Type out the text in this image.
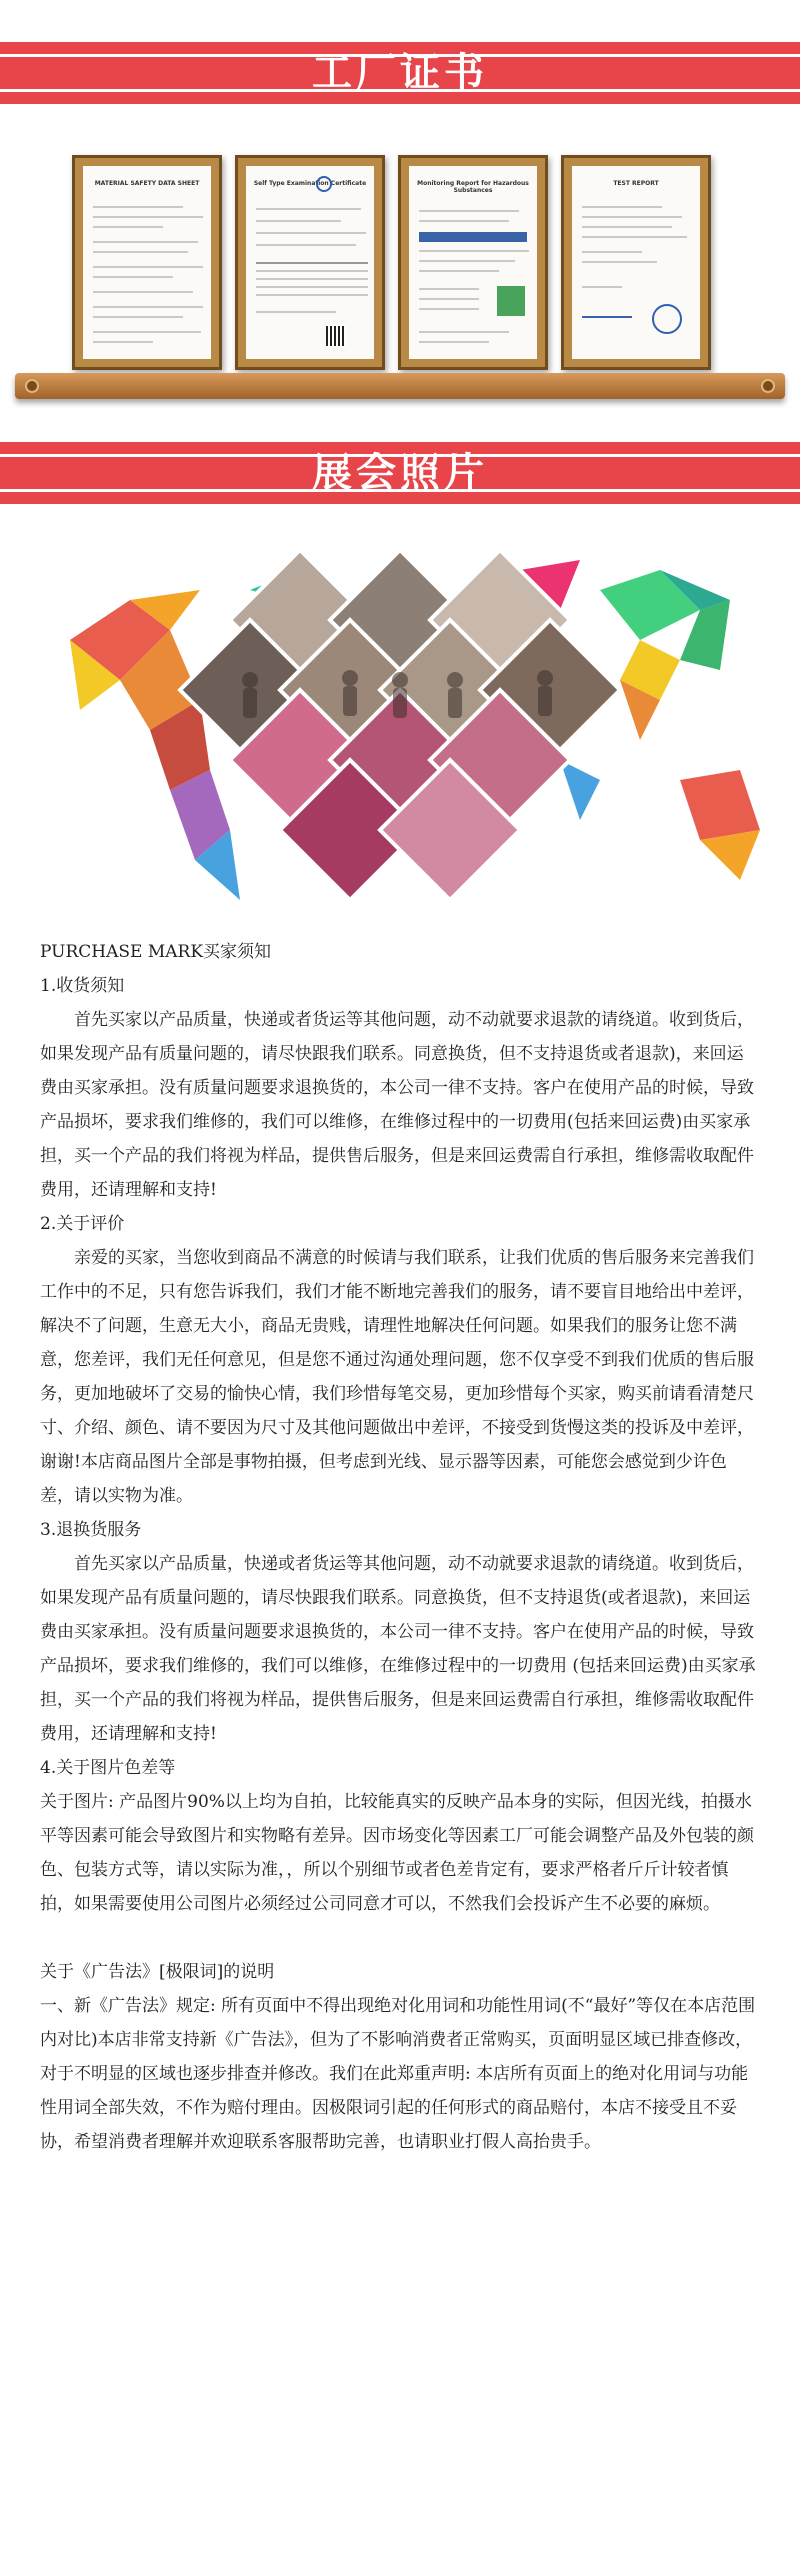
工厂证书
MATERIAL SAFETY DATA SHEET	Self Type Examination Certificate	Monitoring Report for Hazardous Substances
TEST REPORT
展会照片

PURCHASE MARK买家须知

1.收货须知

首先买家以产品质量，快递或者货运等其他问题，动不动就要求退款的请绕道。收到货后，如果发现产品有质量问题的，请尽快跟我们联系。同意换货，但不支持退货或者退款)，来回运费由买家承担。没有质量问题要求退换货的，本公司一律不支持。客户在使用产品的时候，导致产品损坏，要求我们维修的，我们可以维修，在维修过程中的一切费用(包括来回运费)由买家承担，买一个产品的我们将视为样品，提供售后服务，但是来回运费需自行承担，维修需收取配件费用，还请理解和支持!

2.关于评价

亲爱的买家，当您收到商品不满意的时候请与我们联系，让我们优质的售后服务来完善我们工作中的不足，只有您告诉我们，我们才能不断地完善我们的服务，请不要盲目地给出中差评，解决不了问题，生意无大小，商品无贵贱，请理性地解决任何问题。如果我们的服务让您不满意，您差评，我们无任何意见，但是您不通过沟通处理问题，您不仅享受不到我们优质的售后服务，更加地破坏了交易的愉快心情，我们珍惜每笔交易，更加珍惜每个买家，购买前请看清楚尺寸、介绍、颜色、请不要因为尺寸及其他问题做出中差评，不接受到货慢这类的投诉及中差评，谢谢!本店商品图片全部是事物拍摄，但考虑到光线、显示器等因素，可能您会感觉到少许色差，请以实物为准。

3.退换货服务

首先买家以产品质量，快递或者货运等其他问题，动不动就要求退款的请绕道。收到货后，如果发现产品有质量问题的，请尽快跟我们联系。同意换货，但不支持退货(或者退款)，来回运费由买家承担。没有质量问题要求退换货的，本公司一律不支持。客户在使用产品的时候，导致产品损坏，要求我们维修的，我们可以维修，在维修过程中的一切费用 (包括来回运费)由买家承担，买一个产品的我们将视为样品，提供售后服务，但是来回运费需自行承担，维修需收取配件费用，还请理解和支持!

4.关于图片色差等

关于图片: 产品图片90%以上均为自拍，比较能真实的反映产品本身的实际，但因光线，拍摄水平等因素可能会导致图片和实物略有差异。因市场变化等因素工厂可能会调整产品及外包装的颜色、包装方式等，请以实际为准，，所以个别细节或者色差肯定有，要求严格者斤斤计较者慎拍，如果需要使用公司图片必须经过公司同意才可以，不然我们会投诉产生不必要的麻烦。

关于《广告法》[极限词]的说明

一、新《广告法》规定: 所有页面中不得出现绝对化用词和功能性用词(不“最好”等仅在本店范围内对比)本店非常支持新《广告法》，但为了不影响消费者正常购买，页面明显区域已排查修改，对于不明显的区域也逐步排查并修改。我们在此郑重声明: 本店所有页面上的绝对化用词与功能性用词全部失效，不作为赔付理由。因极限词引起的任何形式的商品赔付，本店不接受且不妥协，希望消费者理解并欢迎联系客服帮助完善，也请职业打假人高抬贵手。
